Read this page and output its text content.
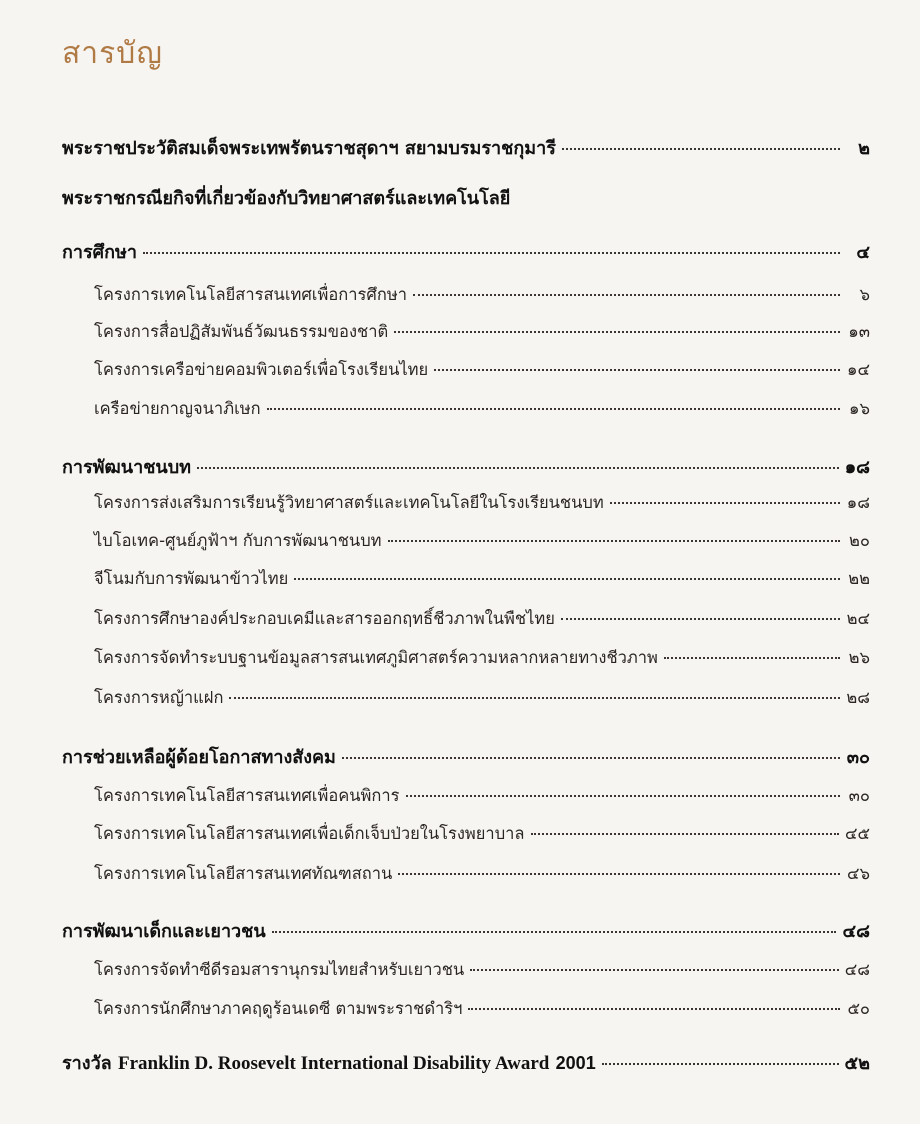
สารบัญ
พระราชประวัติสมเด็จพระเทพรัตนราชสุดาฯ สยามบรมราชกุมารี	๒
พระราชกรณียกิจที่เกี่ยวข้องกับวิทยาศาสตร์และเทคโนโลยี
การศึกษา	๔
โครงการเทคโนโลยีสารสนเทศเพื่อการศึกษา	๖
โครงการสื่อปฏิสัมพันธ์วัฒนธรรมของชาติ	๑๓
โครงการเครือข่ายคอมพิวเตอร์เพื่อโรงเรียนไทย	๑๔
เครือข่ายกาญจนาภิเษก	๑๖
การพัฒนาชนบท	๑๘
โครงการส่งเสริมการเรียนรู้วิทยาศาสตร์และเทคโนโลยีในโรงเรียนชนบท	๑๘
ไบโอเทค-ศูนย์ภูฟ้าฯ กับการพัฒนาชนบท	๒๐
จีโนมกับการพัฒนาข้าวไทย	๒๒
โครงการศึกษาองค์ประกอบเคมีและสารออกฤทธิ์ชีวภาพในพืชไทย	๒๔
โครงการจัดทำระบบฐานข้อมูลสารสนเทศภูมิศาสตร์ความหลากหลายทางชีวภาพ	๒๖
โครงการหญ้าแฝก	๒๘
การช่วยเหลือผู้ด้อยโอกาสทางสังคม	๓๐
โครงการเทคโนโลยีสารสนเทศเพื่อคนพิการ	๓๐
โครงการเทคโนโลยีสารสนเทศเพื่อเด็กเจ็บป่วยในโรงพยาบาล	๔๕
โครงการเทคโนโลยีสารสนเทศทัณฑสถาน	๔๖
การพัฒนาเด็กและเยาวชน	๔๘
โครงการจัดทำซีดีรอมสารานุกรมไทยสำหรับเยาวชน	๔๘
โครงการนักศึกษาภาคฤดูร้อนเดซี ตามพระราชดำริฯ	๕๐
รางวัล Franklin D. Roosevelt International Disability Award 2001	๕๒
